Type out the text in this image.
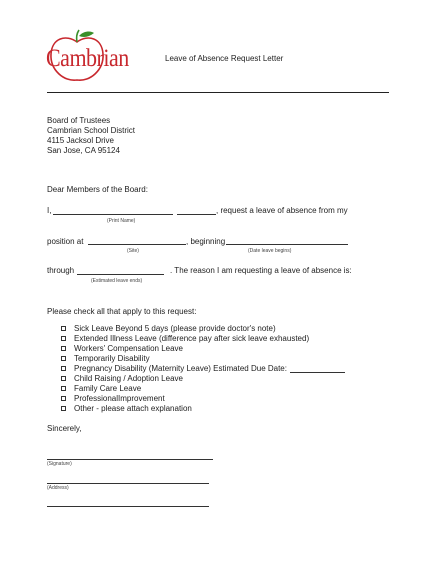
Cambrian	Leave of Absence Request Letter
Board of Trustees
Cambrian School District
4115 Jacksol Drive
San Jose, CA 95124
Dear Members of the Board:
I,	, request a leave of absence from my
(Print Name)
position at	, beginning
(Site)	(Date leave begins)
through	. The reason I am requesting a leave of absence is:
(Estimated leave ends)
Please check all that apply to this request:
Sick Leave Beyond 5 days (please provide doctor's note)
Extended Illness Leave (difference pay after sick leave exhausted)
Workers' Compensation Leave
Temporarily Disability
Pregnancy Disability (Maternity Leave) Estimated Due Date:
Child Raising / Adoption Leave
Family Care Leave
ProfessionalImprovement
Other - please attach explanation
Sincerely,
(Signature)
(Address)
